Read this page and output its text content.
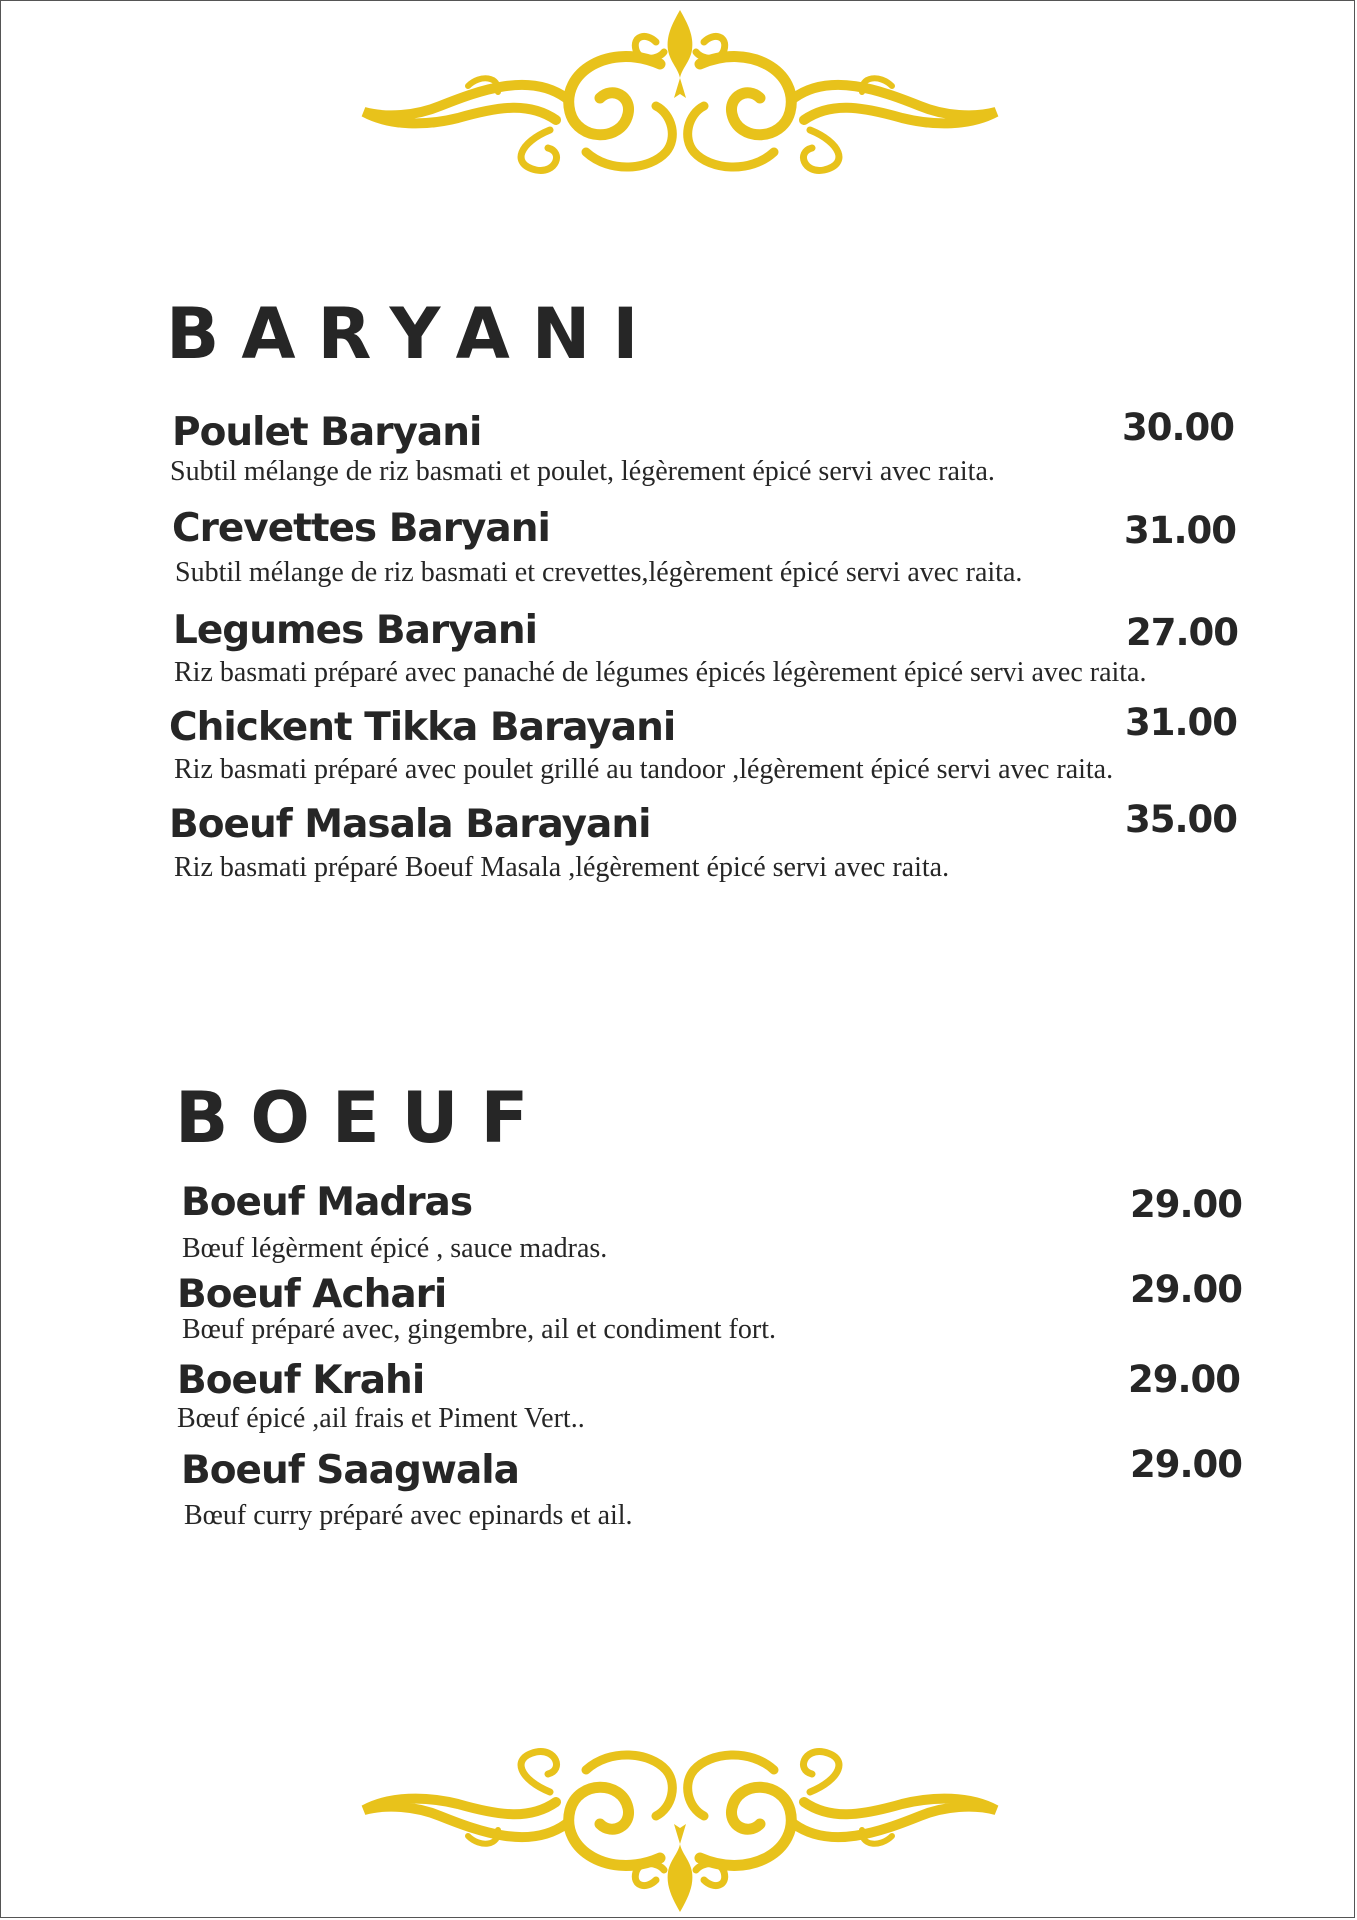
BARYANI
Poulet Baryani	30.00
Subtil mélange de riz basmati et poulet, légèrement épicé servi avec raita.
Crevettes Baryani	31.00
Subtil mélange de riz basmati et crevettes,légèrement épicé servi avec raita.
Legumes Baryani	27.00
Riz basmati préparé avec panaché de légumes épicés légèrement épicé servi avec raita.
Chickent Tikka Barayani	31.00
Riz basmati préparé avec poulet grillé au tandoor ,légèrement épicé servi avec raita.
Boeuf Masala Barayani	35.00
Riz basmati préparé Boeuf Masala ,légèrement épicé servi avec raita.
BOEUF
Boeuf Madras	29.00
Bœuf légèrment épicé , sauce madras.
Boeuf Achari	29.00
Bœuf préparé avec, gingembre, ail et condiment fort.
Boeuf Krahi	29.00
Bœuf épicé ,ail frais et Piment Vert..
Boeuf Saagwala	29.00
Bœuf curry préparé avec epinards et ail.
